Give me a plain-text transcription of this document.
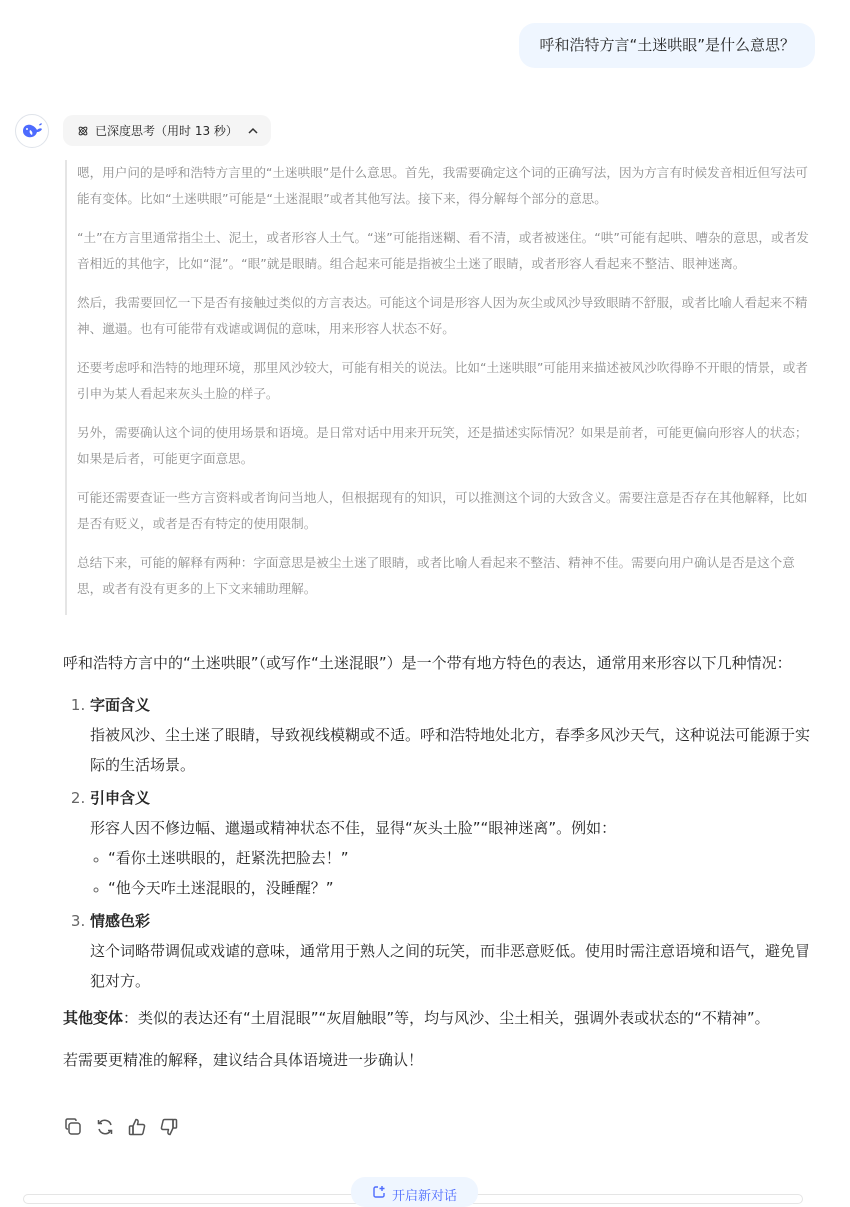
呼和浩特方言“土迷哄眼”是什么意思？
已深度思考（用时 13 秒）

嗯，用户问的是呼和浩特方言里的“土迷哄眼”是什么意思。首先，我需要确定这个词的正确写法，因为方言有时候发音相近但写法可能有变体。比如“土迷哄眼”可能是“土迷混眼”或者其他写法。接下来，得分解每个部分的意思。

“土”在方言里通常指尘土、泥土，或者形容人土气。“迷”可能指迷糊、看不清，或者被迷住。“哄”可能有起哄、嘈杂的意思，或者发音相近的其他字，比如“混”。“眼”就是眼睛。组合起来可能是指被尘土迷了眼睛，或者形容人看起来不整洁、眼神迷离。

然后，我需要回忆一下是否有接触过类似的方言表达。可能这个词是形容人因为灰尘或风沙导致眼睛不舒服，或者比喻人看起来不精神、邋遢。也有可能带有戏谑或调侃的意味，用来形容人状态不好。

还要考虑呼和浩特的地理环境，那里风沙较大，可能有相关的说法。比如“土迷哄眼”可能用来描述被风沙吹得睁不开眼的情景，或者引申为某人看起来灰头土脸的样子。

另外，需要确认这个词的使用场景和语境。是日常对话中用来开玩笑，还是描述实际情况？如果是前者，可能更偏向形容人的状态；如果是后者，可能更字面意思。

可能还需要查证一些方言资料或者询问当地人，但根据现有的知识，可以推测这个词的大致含义。需要注意是否存在其他解释，比如是否有贬义，或者是否有特定的使用限制。

总结下来，可能的解释有两种：字面意思是被尘土迷了眼睛，或者比喻人看起来不整洁、精神不佳。需要向用户确认是否是这个意思，或者有没有更多的上下文来辅助理解。

呼和浩特方言中的“土迷哄眼”（或写作“土迷混眼”）是一个带有地方特色的表达，通常用来形容以下几种情况：

1. 字面含义
指被风沙、尘土迷了眼睛，导致视线模糊或不适。呼和浩特地处北方，春季多风沙天气，这种说法可能源于实际的生活场景。
2. 引申含义
形容人因不修边幅、邋遢或精神状态不佳，显得“灰头土脸”“眼神迷离”。例如：
◦ “看你土迷哄眼的，赶紧洗把脸去！”
◦ “他今天咋土迷混眼的，没睡醒？”
3. 情感色彩
这个词略带调侃或戏谑的意味，通常用于熟人之间的玩笑，而非恶意贬低。使用时需注意语境和语气，避免冒犯对方。

其他变体：类似的表达还有“土眉混眼”“灰眉触眼”等，均与风沙、尘土相关，强调外表或状态的“不精神”。

若需要更精准的解释，建议结合具体语境进一步确认！

开启新对话
